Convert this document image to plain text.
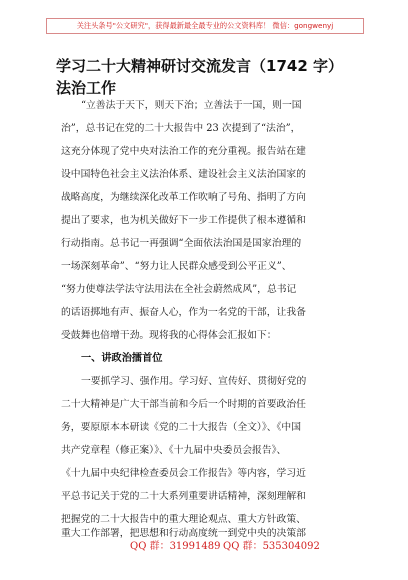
关注头条号"公文研究"，获得最新最全最专业的公文资料库！ 微信：gongwenyj
学习二十大精神研讨交流发言（1742 字）
法治工作
“立善法于天下，则天下治；立善法于一国，则一国
治”，总书记在党的二十大报告中 23 次提到了“法治”，
这充分体现了党中央对法治工作的充分重视。报告站在建
设中国特色社会主义法治体系、建设社会主义法治国家的
战略高度，为继续深化改革工作吹响了号角、指明了方向
提出了要求，也为机关做好下一步工作提供了根本遵循和
行动指南。总书记一再强调“全面依法治国是国家治理的
一场深刻革命”、“努力让人民群众感受到公平正义”、
“努力使尊法学法守法用法在全社会蔚然成风”，总书记
的话语掷地有声、振奋人心，作为一名党的干部，让我备
受鼓舞也倍增干劲。现将我的心得体会汇报如下：
一、讲政治擂首位
一要抓学习、强作用。学习好、宣传好、贯彻好党的
二十大精神是广大干部当前和今后一个时期的首要政治任
务，要原原本本研读《党的二十大报告（全文）》、《中国
共产党章程（修正案）》、《十九届中央委员会报告》、
《十九届中央纪律检查委员会工作报告》等内容，学习近
平总书记关于党的二十大系列重要讲话精神，深刻理解和
把握党的二十大报告中的重大理论观点、重大方针政策、
重大工作部署，把思想和行动高度统一到党中央的决策部
QQ 群：31991489 QQ 群：535304092
